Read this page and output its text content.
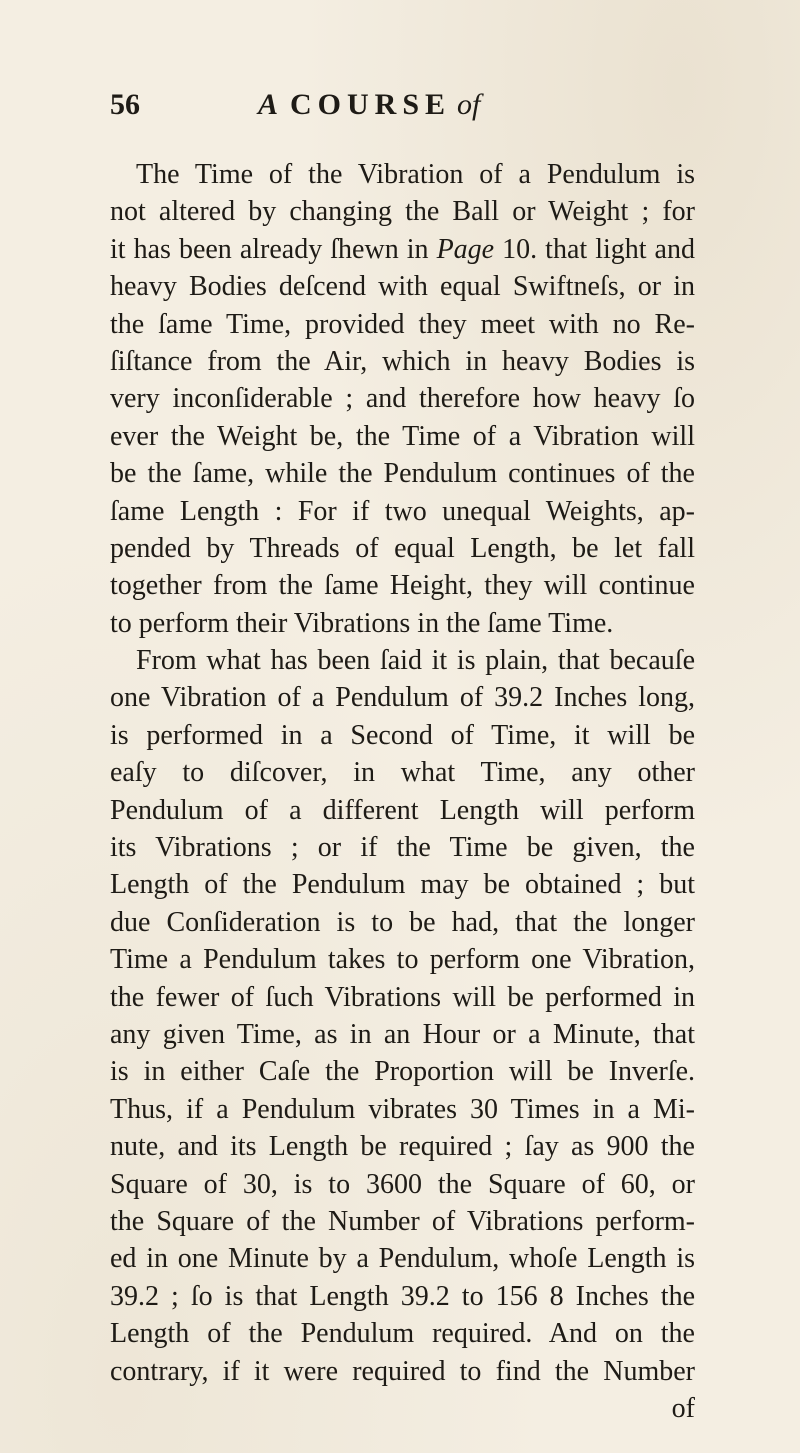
56	A COURSE of
The Time of the Vibration of a Pendulum is
not altered by changing the Ball or Weight ; for
it has been already ſhewn in Page 10. that light and
heavy Bodies deſcend with equal Swiftneſs, or in
the ſame Time, provided they meet with no Re-
ſiſtance from the Air, which in heavy Bodies is
very inconſiderable ; and therefore how heavy ſo
ever the Weight be, the Time of a Vibration will
be the ſame, while the Pendulum continues of the
ſame Length : For if two unequal Weights, ap-
pended by Threads of equal Length, be let fall
together from the ſame Height, they will continue
to perform their Vibrations in the ſame Time.
From what has been ſaid it is plain, that becauſe
one Vibration of a Pendulum of 39.2 Inches long,
is performed in a Second of Time, it will be
eaſy to diſcover, in what Time, any other
Pendulum of a different Length will perform
its Vibrations ; or if the Time be given, the
Length of the Pendulum may be obtained ; but
due Conſideration is to be had, that the longer
Time a Pendulum takes to perform one Vibration,
the fewer of ſuch Vibrations will be performed in
any given Time, as in an Hour or a Minute, that
is in either Caſe the Proportion will be Inverſe.
Thus, if a Pendulum vibrates 30 Times in a Mi-
nute, and its Length be required ; ſay as 900 the
Square of 30, is to 3600 the Square of 60, or
the Square of the Number of Vibrations perform-
ed in one Minute by a Pendulum, whoſe Length is
39.2 ; ſo is that Length 39.2 to 156 8 Inches the
Length of the Pendulum required. And on the
contrary, if it were required to find the Number
of
